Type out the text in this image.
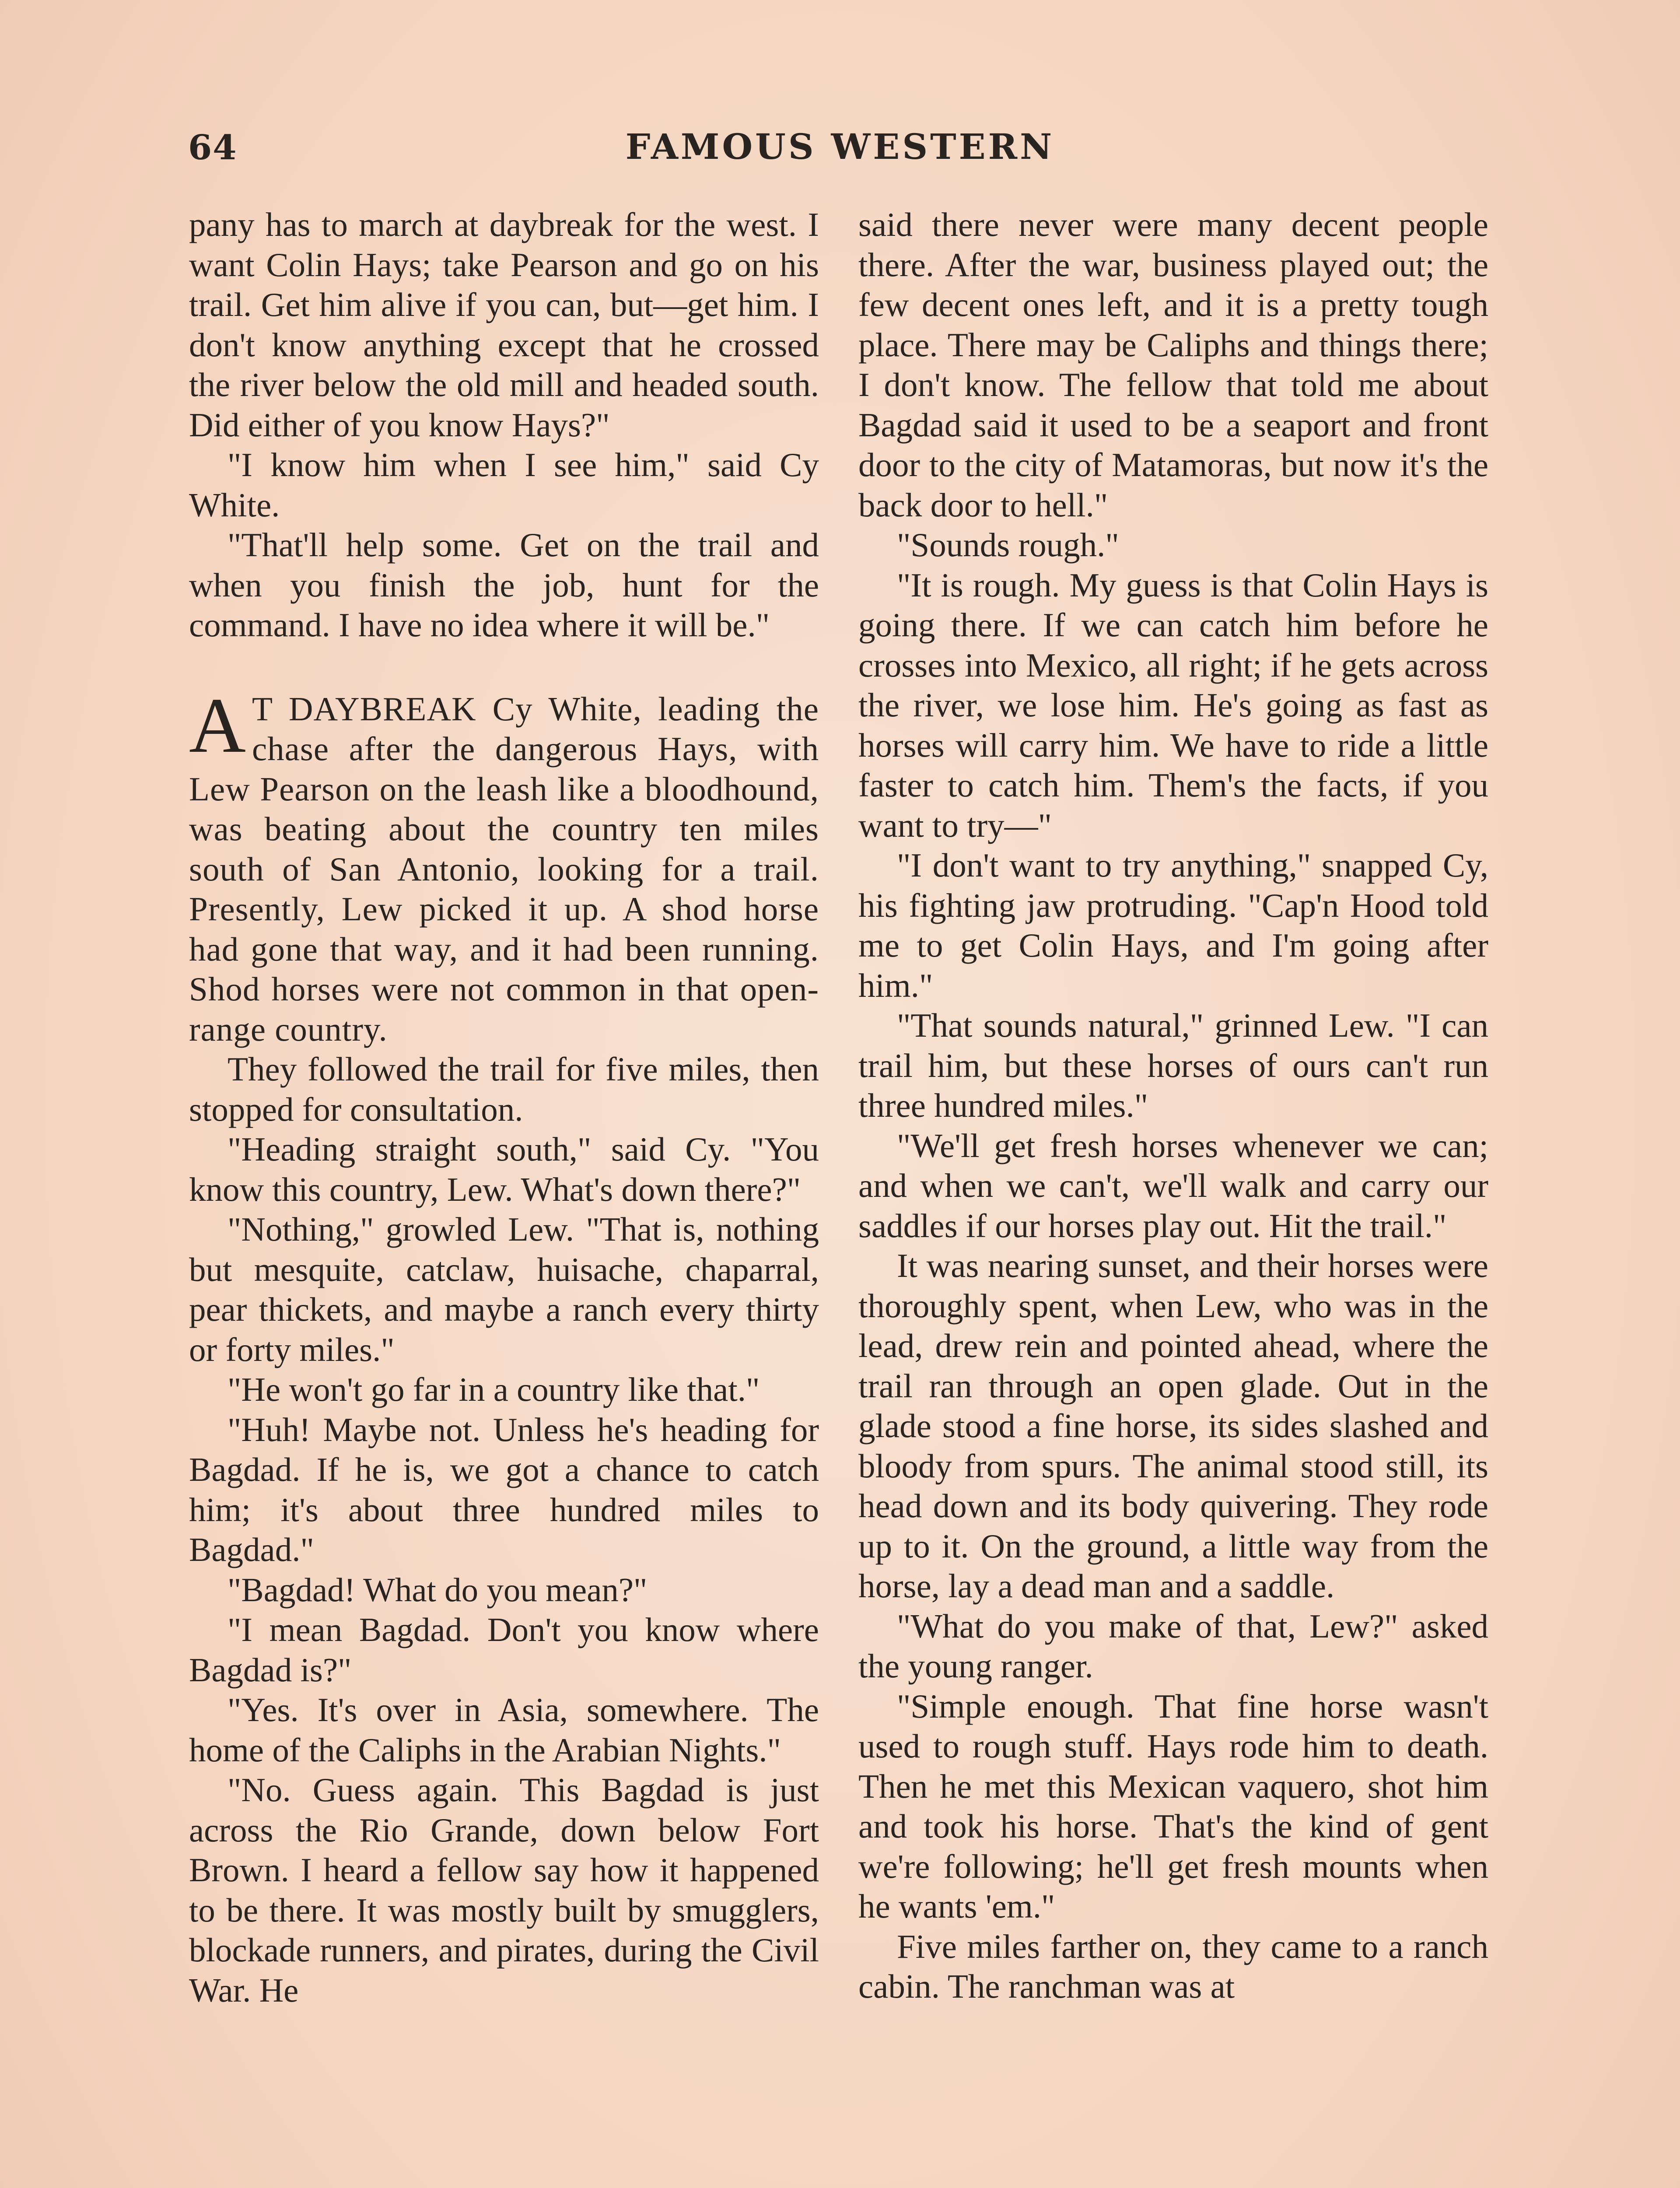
64	FAMOUS WESTERN

pany has to march at daybreak for the west. I want Colin Hays; take Pearson and go on his trail. Get him alive if you can, but—get him. I don't know anything except that he crossed the river below the old mill and headed south. Did either of you know Hays?"

"I know him when I see him," said Cy White.

"That'll help some. Get on the trail and when you finish the job, hunt for the command. I have no idea where it will be."

A T DAYBREAK Cy White, leading the chase after the dangerous Hays, with Lew Pearson on the leash like a bloodhound, was beating about the country ten miles south of San Antonio, looking for a trail. Presently, Lew picked it up. A shod horse had gone that way, and it had been running. Shod horses were not common in that open-range country.

They followed the trail for five miles, then stopped for consultation.

"Heading straight south," said Cy. "You know this country, Lew. What's down there?"

"Nothing," growled Lew. "That is, nothing but mesquite, catclaw, huisache, chaparral, pear thickets, and maybe a ranch every thirty or forty miles."

"He won't go far in a country like that."

"Huh! Maybe not. Unless he's heading for Bagdad. If he is, we got a chance to catch him; it's about three hundred miles to Bagdad."

"Bagdad! What do you mean?"

"I mean Bagdad. Don't you know where Bagdad is?"

"Yes. It's over in Asia, somewhere. The home of the Caliphs in the Arabian Nights."

"No. Guess again. This Bagdad is just across the Rio Grande, down below Fort Brown. I heard a fellow say how it happened to be there. It was mostly built by smugglers, blockade runners, and pirates, during the Civil War. He

said there never were many decent people there. After the war, business played out; the few decent ones left, and it is a pretty tough place. There may be Caliphs and things there; I don't know. The fellow that told me about Bagdad said it used to be a seaport and front door to the city of Matamoras, but now it's the back door to hell."

"Sounds rough."

"It is rough. My guess is that Colin Hays is going there. If we can catch him before he crosses into Mexico, all right; if he gets across the river, we lose him. He's going as fast as horses will carry him. We have to ride a little faster to catch him. Them's the facts, if you want to try—"

"I don't want to try anything," snapped Cy, his fighting jaw protruding. "Cap'n Hood told me to get Colin Hays, and I'm going after him."

"That sounds natural," grinned Lew. "I can trail him, but these horses of ours can't run three hundred miles."

"We'll get fresh horses whenever we can; and when we can't, we'll walk and carry our saddles if our horses play out. Hit the trail."

It was nearing sunset, and their horses were thoroughly spent, when Lew, who was in the lead, drew rein and pointed ahead, where the trail ran through an open glade. Out in the glade stood a fine horse, its sides slashed and bloody from spurs. The animal stood still, its head down and its body quivering. They rode up to it. On the ground, a little way from the horse, lay a dead man and a saddle.

"What do you make of that, Lew?" asked the young ranger.

"Simple enough. That fine horse wasn't used to rough stuff. Hays rode him to death. Then he met this Mexican vaquero, shot him and took his horse. That's the kind of gent we're following; he'll get fresh mounts when he wants 'em."

Five miles farther on, they came to a ranch cabin. The ranchman was at
